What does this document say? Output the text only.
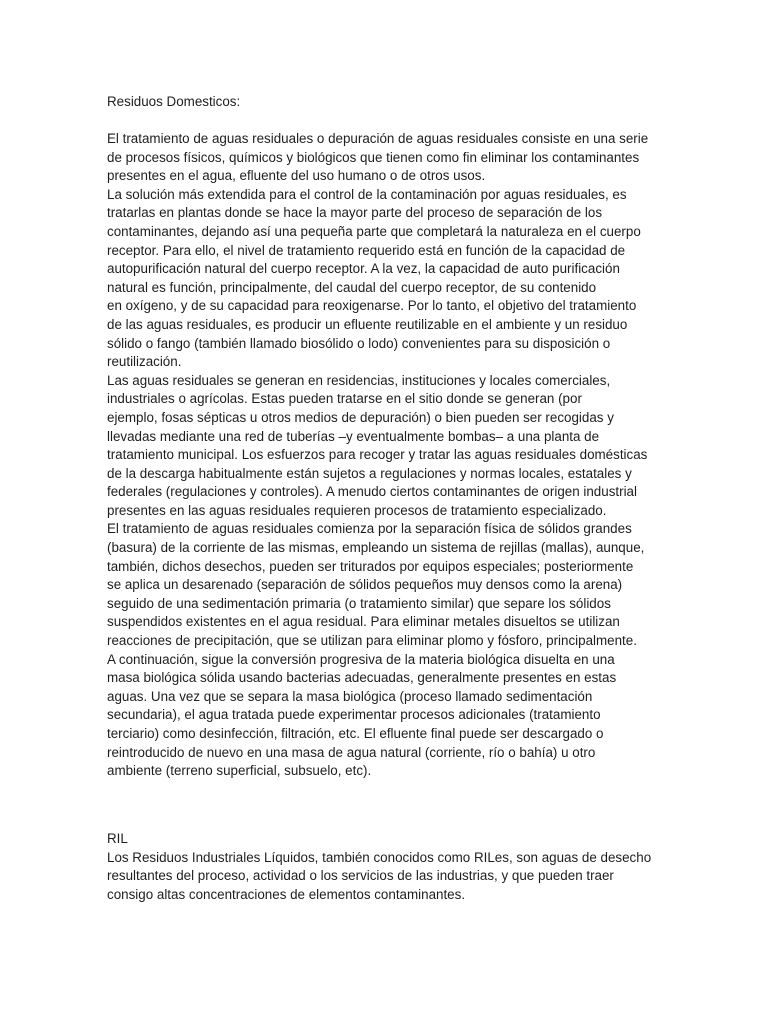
Residuos Domesticos:
El tratamiento de aguas residuales o depuración de aguas residuales consiste en una serie
de procesos físicos, químicos y biológicos que tienen como fin eliminar los contaminantes
presentes en el agua, efluente del uso humano o de otros usos.
La solución más extendida para el control de la contaminación por aguas residuales, es
tratarlas en plantas donde se hace la mayor parte del proceso de separación de los
contaminantes, dejando así una pequeña parte que completará la naturaleza en el cuerpo
receptor. Para ello, el nivel de tratamiento requerido está en función de la capacidad de
autopurificación natural del cuerpo receptor. A la vez, la capacidad de auto purificación
natural es función, principalmente, del caudal del cuerpo receptor, de su contenido
en oxígeno, y de su capacidad para reoxigenarse. Por lo tanto, el objetivo del tratamiento
de las aguas residuales, es producir un efluente reutilizable en el ambiente y un residuo
sólido o fango (también llamado biosólido o lodo) convenientes para su disposición o
reutilización.
Las aguas residuales se generan en residencias, instituciones y locales comerciales,
industriales o agrícolas. Estas pueden tratarse en el sitio donde se generan (por
ejemplo, fosas sépticas u otros medios de depuración) o bien pueden ser recogidas y
llevadas mediante una red de tuberías –y eventualmente bombas– a una planta de
tratamiento municipal. Los esfuerzos para recoger y tratar las aguas residuales domésticas
de la descarga habitualmente están sujetos a regulaciones y normas locales, estatales y
federales (regulaciones y controles). A menudo ciertos contaminantes de origen industrial
presentes en las aguas residuales requieren procesos de tratamiento especializado.
El tratamiento de aguas residuales comienza por la separación física de sólidos grandes
(basura) de la corriente de las mismas, empleando un sistema de rejillas (mallas), aunque,
también, dichos desechos, pueden ser triturados por equipos especiales; posteriormente
se aplica un desarenado (separación de sólidos pequeños muy densos como la arena)
seguido de una sedimentación primaria (o tratamiento similar) que separe los sólidos
suspendidos existentes en el agua residual. Para eliminar metales disueltos se utilizan
reacciones de precipitación, que se utilizan para eliminar plomo y fósforo, principalmente.
A continuación, sigue la conversión progresiva de la materia biológica disuelta en una
masa biológica sólida usando bacterias adecuadas, generalmente presentes en estas
aguas. Una vez que se separa la masa biológica (proceso llamado sedimentación
secundaria), el agua tratada puede experimentar procesos adicionales (tratamiento
terciario) como desinfección, filtración, etc. El efluente final puede ser descargado o
reintroducido de nuevo en una masa de agua natural (corriente, río o bahía) u otro
ambiente (terreno superficial, subsuelo, etc).
RIL
Los Residuos Industriales Líquidos, también conocidos como RILes, son aguas de desecho
resultantes del proceso, actividad o los servicios de las industrias, y que pueden traer
consigo altas concentraciones de elementos contaminantes.
